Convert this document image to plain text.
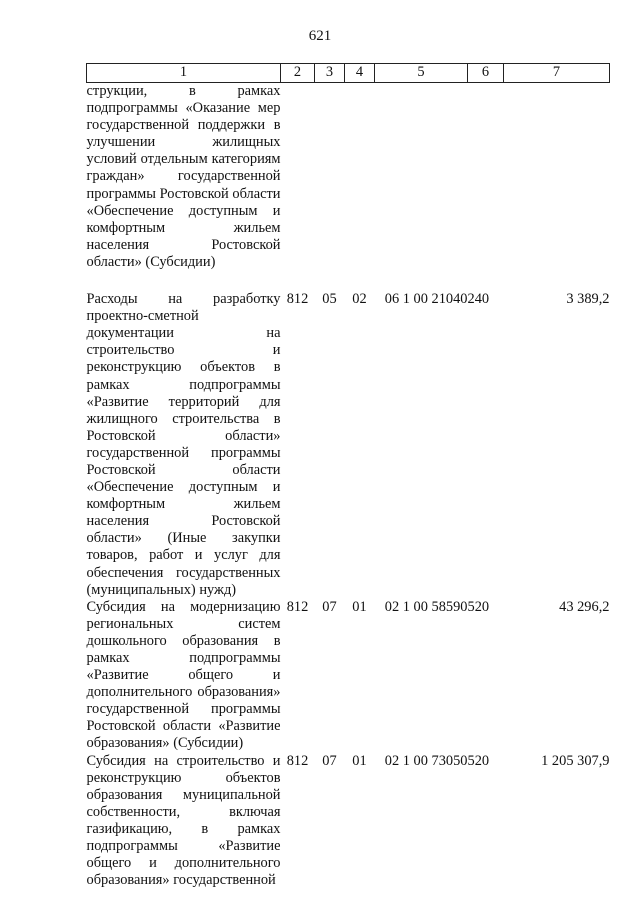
621
1	2	3	4	5	6	7
струкции, в рамках подпрограммы «Оказание мер государственной поддержки в улучшении жилищных условий отдельным категориям граждан» государственной программы Ростовской области «Обеспечение доступным и комфортным жильем населения Ростовской области» (Субсидии)						
Расходы на разработку проектно-сметной документации на строительство и реконструкцию объектов в рамках подпрограммы «Развитие территорий для жилищного строительства в Ростовской области» государственной программы Ростовской области «Обеспечение доступным и комфортным жильем населения Ростовской области» (Иные закупки товаров, работ и услуг для обеспечения государственных (муниципальных) нужд)	812	05	02	06 1 00 21040	240	3 389,2
Субсидия на модернизацию региональных систем дошкольного образования в рамках подпрограммы «Развитие общего и дополнительного образования» государственной программы Ростовской области «Развитие образования» (Субсидии)	812	07	01	02 1 00 58590	520	43 296,2
Субсидия на строительство и реконструкцию объектов образования муниципальной собственности, включая газификацию, в рамках подпрограммы «Развитие общего и дополнительного образования» государственной	812	07	01	02 1 00 73050	520	1 205 307,9
